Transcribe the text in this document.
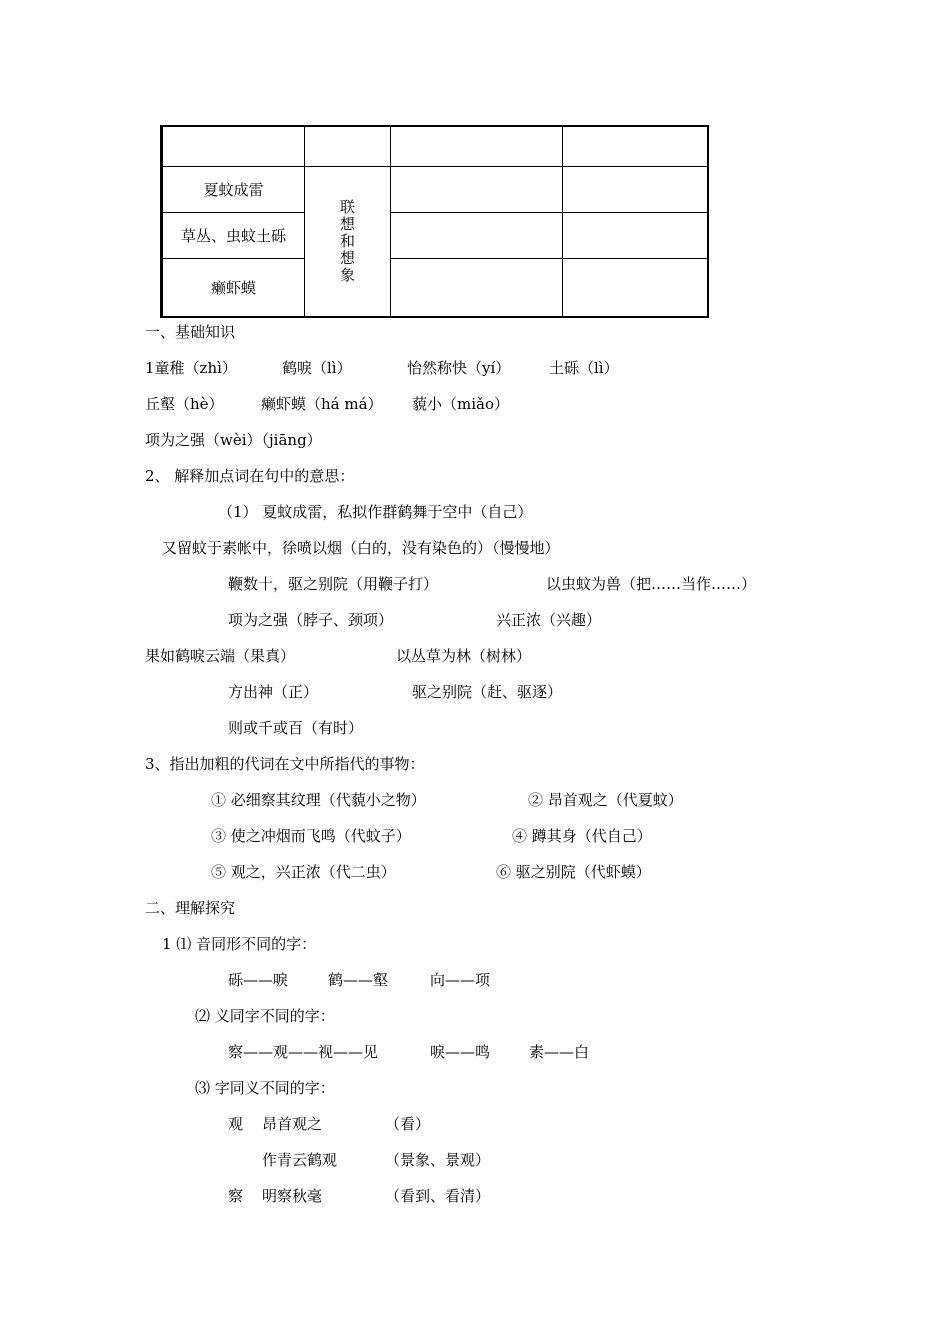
夏蚊成雷	联想和想象		
草丛、虫蚊土砾			
癞虾蟆			
一、基础知识
1童稚（zhì）	鹤唳（lì）	怡然称快（yí）	土砾（lì）
丘壑（hè） 癞虾蟆（há má） 藐小（miǎo）
项为之强（wèi）（jiāng）
2、 解释加点词在句中的意思：
（1） 夏蚊成雷，私拟作群鹤舞于空中（自己）
又留蚊于素帐中，徐喷以烟（白的，没有染色的）（慢慢地）
鞭数十，驱之别院（用鞭子打）	以虫蚊为兽（把……当作……）
项为之强（脖子、颈项）	兴正浓（兴趣）
果如鹤唳云端（果真）	以丛草为林（树林）
方出神（正）	驱之别院（赶、驱逐）
则或千或百（有时）
3、指出加粗的代词在文中所指代的事物：
① 必细察其纹理（代藐小之物）	② 昂首观之（代夏蚊）
③ 使之冲烟而飞鸣（代蚊子）	④ 蹲其身（代自己）
⑤ 观之，兴正浓（代二虫）	⑥ 驱之别院（代虾蟆）
二、理解探究
1 ⑴ 音同形不同的字：
砾——唳	鹤——壑	向——项
⑵ 义同字不同的字：
察——观——视——见	唳——鸣	素——白
⑶ 字同义不同的字：
观 昂首观之	（看）
作青云鹤观	（景象、景观）
察 明察秋毫	（看到、看清）
